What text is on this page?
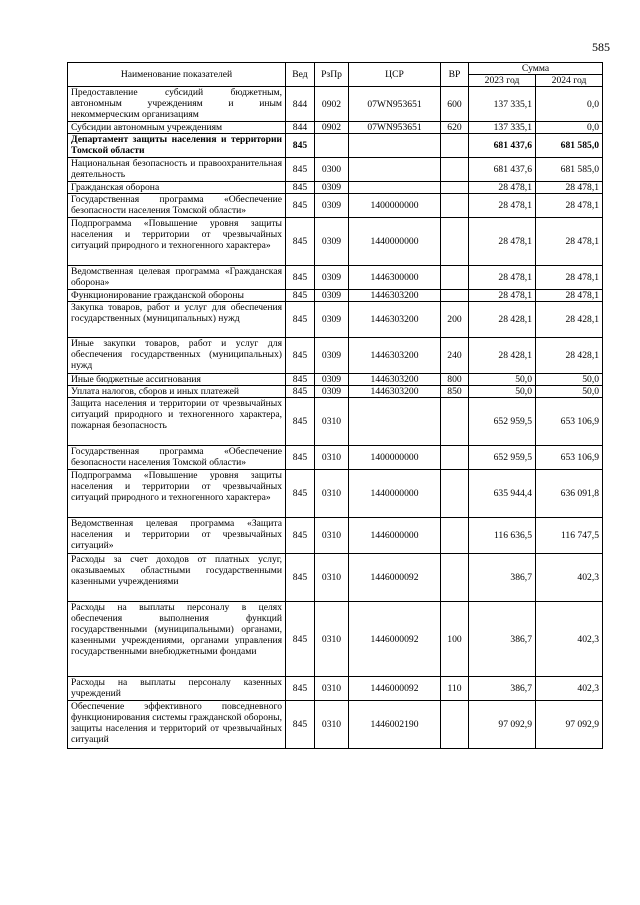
585
Наименование показателей	Вед	РзПр	ЦСР	ВР	Сумма	
					2023 год	2024 год
Предоставление субсидий бюджетным, автономным учреждениям и иным некоммерческим организациям	844	0902	07WN953651	600	137 335,1	0,0
Субсидии автономным учреждениям	844	0902	07WN953651	620	137 335,1	0,0
Департамент защиты населения и территории Томской области	845				681 437,6	681 585,0
Национальная безопасность и правоохранительная деятельность	845	0300			681 437,6	681 585,0
Гражданская оборона	845	0309			28 478,1	28 478,1
Государственная программа «Обеспечение безопасности населения Томской области»	845	0309	1400000000		28 478,1	28 478,1
Подпрограмма «Повышение уровня защиты населения и территории от чрезвычайных ситуаций природного и техногенного характера»	845	0309	1440000000		28 478,1	28 478,1
Ведомственная целевая программа «Гражданская оборона»	845	0309	1446300000		28 478,1	28 478,1
Функционирование гражданской обороны	845	0309	1446303200		28 478,1	28 478,1
Закупка товаров, работ и услуг для обеспечения государственных (муниципальных) нужд	845	0309	1446303200	200	28 428,1	28 428,1
Иные закупки товаров, работ и услуг для обеспечения государственных (муниципальных) нужд	845	0309	1446303200	240	28 428,1	28 428,1
Иные бюджетные ассигнования	845	0309	1446303200	800	50,0	50,0
Уплата налогов, сборов и иных платежей	845	0309	1446303200	850	50,0	50,0
Защита населения и территории от чрезвычайных ситуаций природного и техногенного характера, пожарная безопасность	845	0310			652 959,5	653 106,9
Государственная программа «Обеспечение безопасности населения Томской области»	845	0310	1400000000		652 959,5	653 106,9
Подпрограмма «Повышение уровня защиты населения и территории от чрезвычайных ситуаций природного и техногенного характера»	845	0310	1440000000		635 944,4	636 091,8
Ведомственная целевая программа «Защита населения и территории от чрезвычайных ситуаций»	845	0310	1446000000		116 636,5	116 747,5
Расходы за счет доходов от платных услуг, оказываемых областными государственными казенными учреждениями	845	0310	1446000092		386,7	402,3
Расходы на выплаты персоналу в целях обеспечения выполнения функций государственными (муниципальными) органами, казенными учреждениями, органами управления государственными внебюджетными фондами	845	0310	1446000092	100	386,7	402,3
Расходы на выплаты персоналу казенных учреждений	845	0310	1446000092	110	386,7	402,3
Обеспечение эффективного повседневного функционирования системы гражданской обороны, защиты населения и территорий от чрезвычайных ситуаций	845	0310	1446002190		97 092,9	97 092,9
